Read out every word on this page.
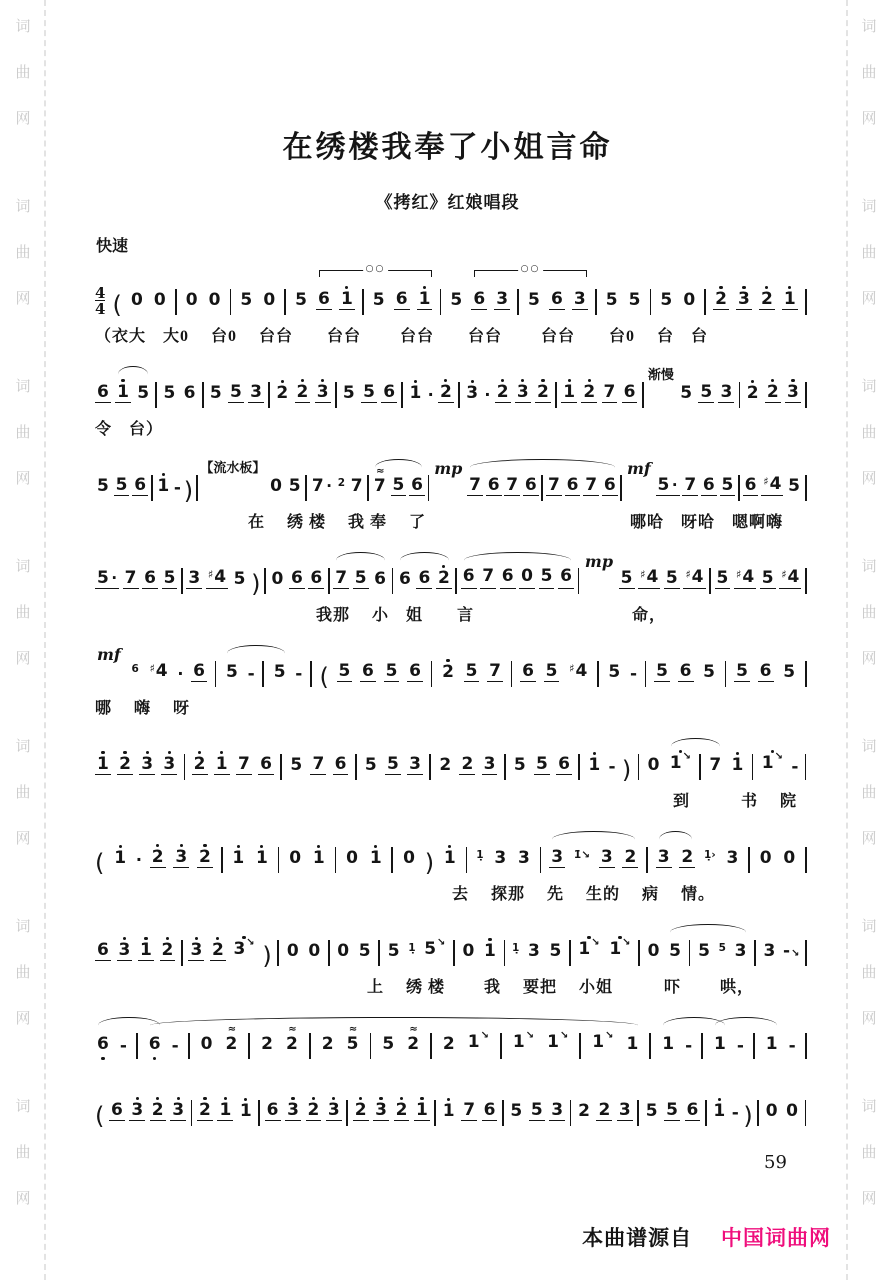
词
曲
网
词
曲
网
词
曲
网
词
曲
网
词
曲
网
词
曲
网
词
曲
网
词
曲
网
词
曲
网
词
曲
网
词
曲
网
词
曲
网
词
曲
网
词
曲
网
在绣楼我奉了小姐言命
《拷红》红娘唱段
快速
4
4 ( 0 0 0 0 5 0 5 6 1 5 6 1 5 6 3 5 6 3 5 5 5 0 2 3 2 1
○○	○○
（衣大　大0　 台0　 台台　　台台　　 台台　　台台　　 台台　　台0　 台　台
6 1 5 5 6 5 5 3 2 2 3 5 5 6 1 · 2 3 · 2 3 2 1 2 7 6
渐慢
5 5 3 2 2 3
令　台）
5 5 6 1 - )
【流水板】
0 5 7 · 2 7
≈
7 5 6
mp
7 6 7 6 7 6 7 6
mf
5 · 7 6 5 6 ♯ 4 5
　　　　　　　　　在　 绣 楼　 我 奉　 了　　　　　　　　　　　　哪哈　呀哈　嗯啊嗨
5 · 7 6 5 3 ♯ 4 5 ) 0 6 6 7 5 6 6 6 2 6 7 6 0 5 6
mp
5 ♯ 4 5 ♯ 4 5 ♯ 4 5 ♯ 4
　　　　　　　　　　　　　我那　 小　姐　　言　　　　　　　　　 命，
mf
6 ♯ 4 · 6 5 - 5 - ( 5 6 5 6 2 5 7 6 5 ♯ 4 5 - 5 6 5 5 6 5
哪　 嗨　 呀
1 2 3 3 2 1 7 6 5 7 6 5 5 3 2 2 3 5 5 6 1 - ) 0 1 ↘ 7 1 1 ↘
-
　　　　　　　　　　　　　　　　　　　　　　　　　　　　　　　　　　到　　　书　 院
( 1 · 2 3 2 1 1 0 1 0 1 0 ) 1 1̣ 3 3 3 1̇↘ 3 2 3 2 1̣› 3 0 0
　　　　　　　　　　　　　　　　　　　　　去　 探那　 先　 生的　 病　 情。
6 3 1 2 3 2 3 ↘ ) 0 0 0 5 5 1̣ 5 ↘ 0 1 1̣ 3 5 1 ↘ 1 ↘ 0 5 5 5 3 3 -↘
　　　　　　　　　　　　　　　　上　 绣 楼　　 我　 要把　 小姐　　　吓　　 哄，
6 - 6 - 0
≈
2 2
≈
2 2
≈
5 5
≈
2 2 1 ↘ 1 ↘ 1 ↘ 1 ↘ 1 1 - 1 - 1 -
( 6 3 2 3 2 1 1 6 3 2 3 2 3 2 1 1 7 6 5 5 3 2 2 3 5 5 6 1 - ) 0 0
59
本曲谱源自 中国词曲网
